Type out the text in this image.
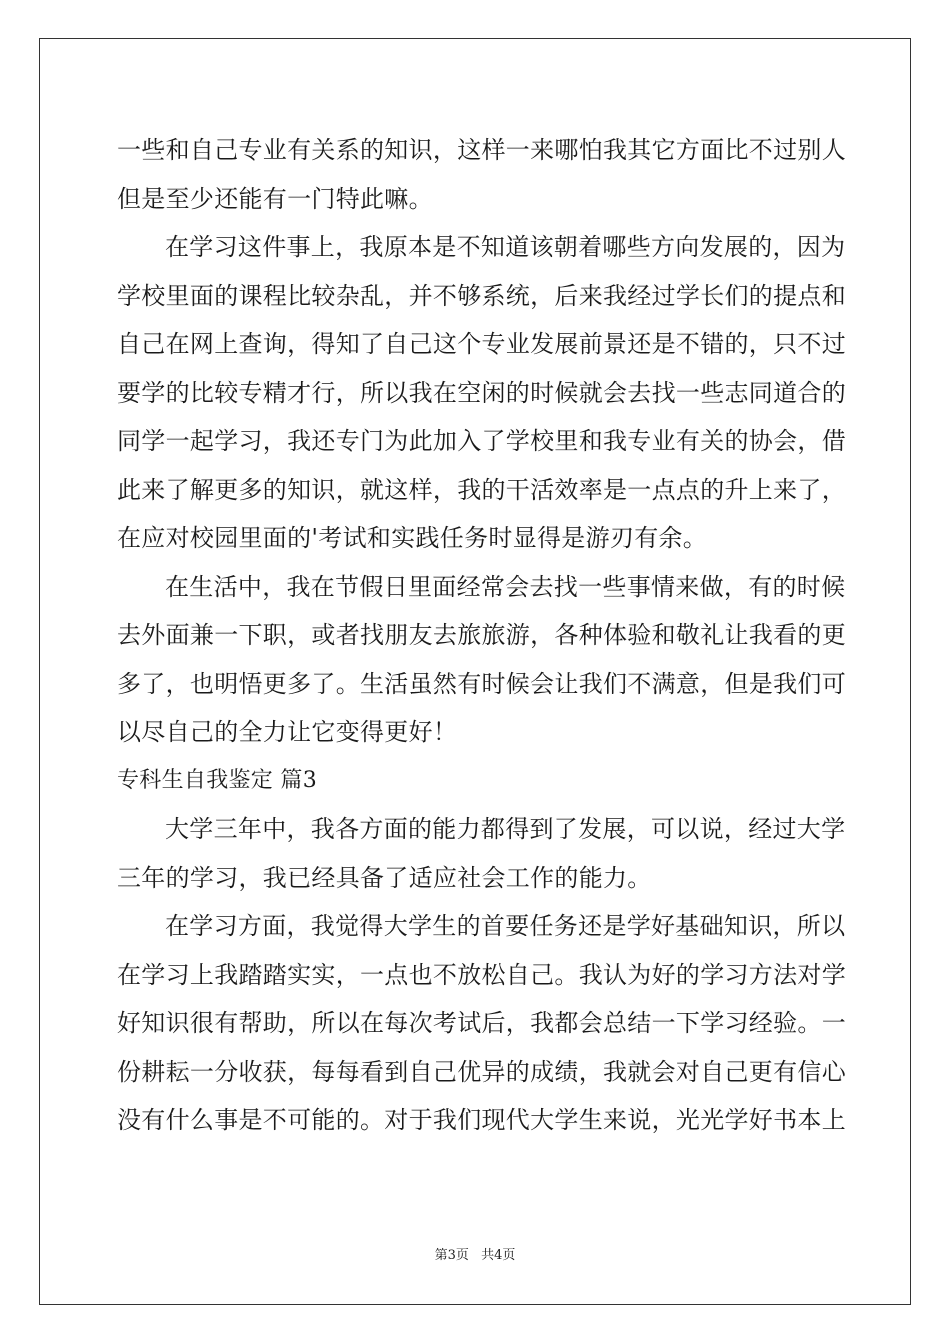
一些和自己专业有关系的知识，这样一来哪怕我其它方面比不过别人
但是至少还能有一门特此嘛。
在学习这件事上，我原本是不知道该朝着哪些方向发展的，因为
学校里面的课程比较杂乱，并不够系统，后来我经过学长们的提点和
自己在网上查询，得知了自己这个专业发展前景还是不错的，只不过
要学的比较专精才行，所以我在空闲的时候就会去找一些志同道合的
同学一起学习，我还专门为此加入了学校里和我专业有关的协会，借
此来了解更多的知识，就这样，我的干活效率是一点点的升上来了，
在应对校园里面的'考试和实践任务时显得是游刃有余。
在生活中，我在节假日里面经常会去找一些事情来做，有的时候
去外面兼一下职，或者找朋友去旅旅游，各种体验和敬礼让我看的更
多了，也明悟更多了。生活虽然有时候会让我们不满意，但是我们可
以尽自己的全力让它变得更好！
专科生自我鉴定 篇3
大学三年中，我各方面的能力都得到了发展，可以说，经过大学
三年的学习，我已经具备了适应社会工作的能力。
在学习方面，我觉得大学生的首要任务还是学好基础知识，所以
在学习上我踏踏实实，一点也不放松自己。我认为好的学习方法对学
好知识很有帮助，所以在每次考试后，我都会总结一下学习经验。一
份耕耘一分收获，每每看到自己优异的成绩，我就会对自己更有信心
没有什么事是不可能的。对于我们现代大学生来说，光光学好书本上
第3页 共4页
